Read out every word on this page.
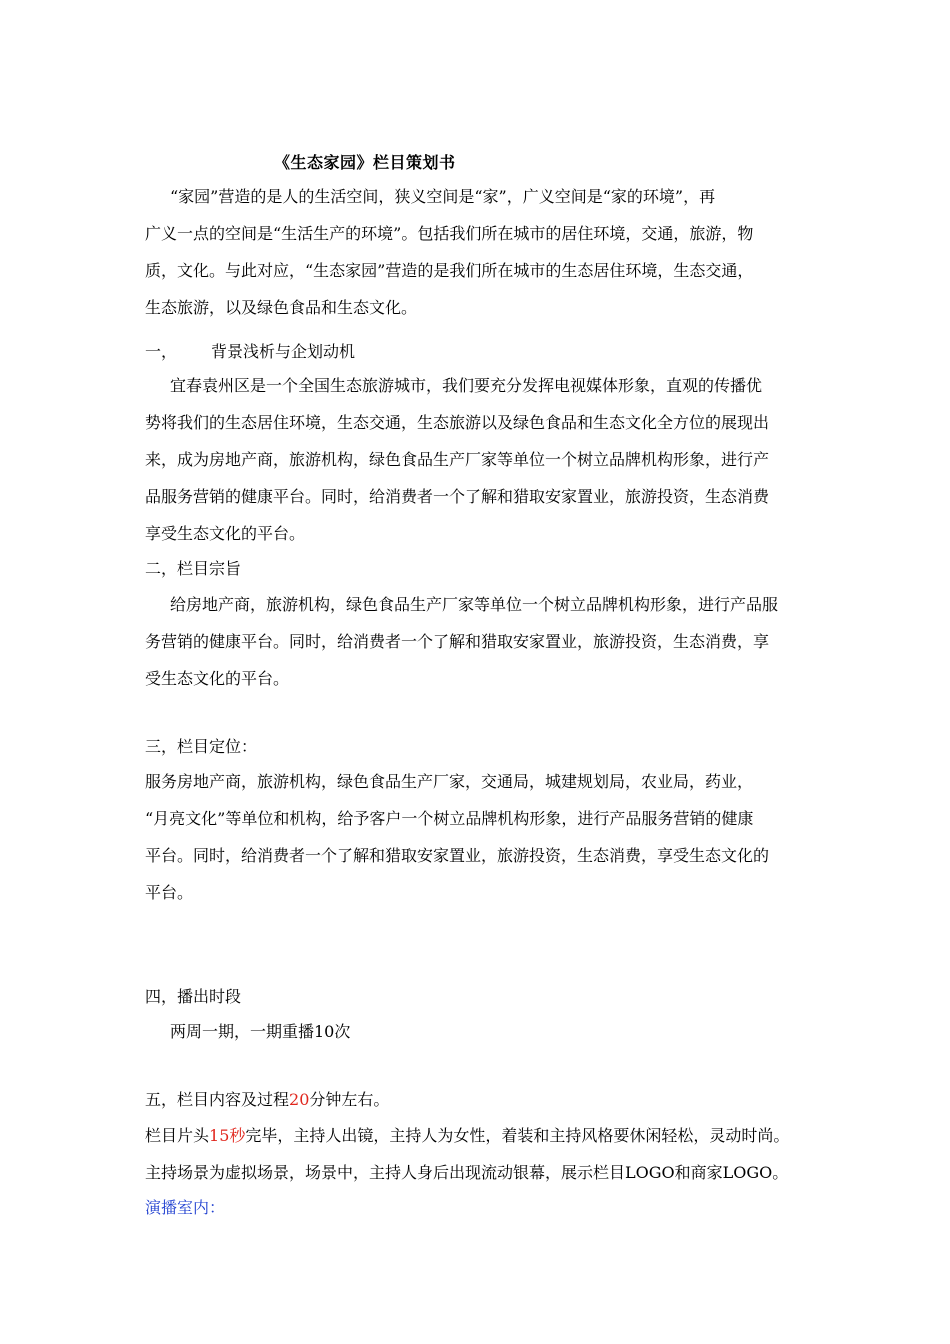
《生态家园》栏目策划书
“家园”营造的是人的生活空间，狭义空间是“家”，广义空间是“家的环境”，再
广义一点的空间是“生活生产的环境”。包括我们所在城市的居住环境，交通，旅游，物
质，文化。与此对应，“生态家园”营造的是我们所在城市的生态居住环境，生态交通，
生态旅游，以及绿色食品和生态文化。
一， 背景浅析与企划动机
宜春袁州区是一个全国生态旅游城市，我们要充分发挥电视媒体形象，直观的传播优
势将我们的生态居住环境，生态交通，生态旅游以及绿色食品和生态文化全方位的展现出
来，成为房地产商，旅游机构，绿色食品生产厂家等单位一个树立品牌机构形象，进行产
品服务营销的健康平台。同时，给消费者一个了解和猎取安家置业，旅游投资，生态消费
享受生态文化的平台。
二，栏目宗旨
给房地产商，旅游机构，绿色食品生产厂家等单位一个树立品牌机构形象，进行产品服
务营销的健康平台。同时，给消费者一个了解和猎取安家置业，旅游投资，生态消费，享
受生态文化的平台。
三，栏目定位：
服务房地产商，旅游机构，绿色食品生产厂家，交通局，城建规划局，农业局，药业，
“月亮文化”等单位和机构，给予客户一个树立品牌机构形象，进行产品服务营销的健康
平台。同时，给消费者一个了解和猎取安家置业，旅游投资，生态消费，享受生态文化的
平台。
四，播出时段
两周一期，一期重播10次
五，栏目内容及过程20分钟左右。
栏目片头15秒完毕，主持人出镜，主持人为女性，着装和主持风格要休闲轻松，灵动时尚。
主持场景为虚拟场景，场景中，主持人身后出现流动银幕，展示栏目LOGO和商家LOGO。
演播室内：
